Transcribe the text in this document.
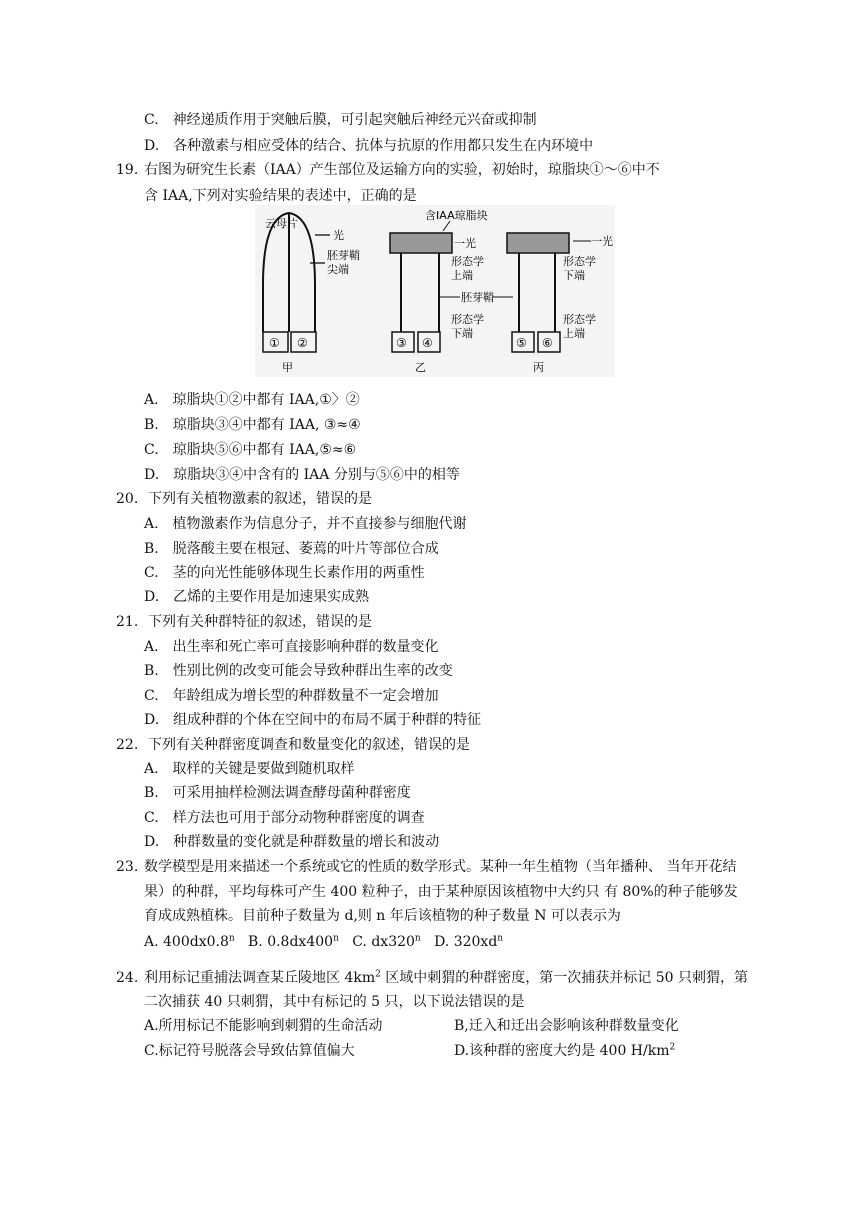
C.　神经递质作用于突触后膜，可引起突触后神经元兴奋或抑制
D.　各种激素与相应受体的结合、抗体与抗原的作用都只发生在内环境中
19. 右图为研究生长素（IAA）产生部位及运输方向的实验，初始时，琼脂块①～⑥中不
含 IAA,下列对实验结果的表述中，正确的是
云母片
光
胚芽鞘
尖端
① ②
甲
含IAA琼脂块
一光
形态学
上端
胚芽鞘
形态学
下端
③ ④
乙
一光
形态学
下端
形态学
上端
⑤ ⑥
丙
A.　琼脂块①②中都有 IAA,①〉②
B.　琼脂块③④中都有 IAA, ③≈④
C.　琼脂块⑤⑥中都有 IAA,⑤≈⑥
D.　琼脂块③④中含有的 IAA 分别与⑤⑥中的相等
20. 下列有关植物激素的叙述，错误的是
A.　植物激素作为信息分子，并不直接参与细胞代谢
B.　脱落酸主要在根冠、萎蔫的叶片等部位合成
C.　茎的向光性能够体现生长素作用的两重性
D.　乙烯的主要作用是加速果实成熟
21. 下列有关种群特征的叙述，错误的是
A.　出生率和死亡率可直接影响种群的数量变化
B.　性别比例的改变可能会导致种群出生率的改变
C.　年龄组成为增长型的种群数量不一定会增加
D.　组成种群的个体在空间中的布局不属于种群的特征
22. 下列有关种群密度调查和数量变化的叙述，错误的是
A.　取样的关键是要做到随机取样
B.　可采用抽样检测法调查酵母菌种群密度
C.　样方法也可用于部分动物种群密度的调查
D.　种群数量的变化就是种群数量的增长和波动
23. 数学模型是用来描述一个系统或它的性质的数学形式。某种一年生植物（当年播种、 当年开花结
果）的种群，平均每株可产生 400 粒种子，由于某种原因该植物中大约只 有 80%的种子能够发
育成成熟植株。目前种子数量为 d,则 n 年后该植物的种子数量 N 可以表示为
A. 400dx0.8$^n$ B. 0.8dx400$^n$ C. dx320$^n$ D. $320xd^n$
24. 利用标记重捕法调查某丘陵地区 $4km^2$ 区域中刺猬的种群密度，第一次捕获并标记 50 只刺猬，第
二次捕获 40 只刺猬，其中有标记的 5 只，以下说法错误的是
A.所用标记不能影响到刺猬的生命活动	B,迁入和迁出会影响该种群数量变化
C.标记符号脱落会导致估算值偏大	D.该种群的密度大约是 400 $H/km^2$
